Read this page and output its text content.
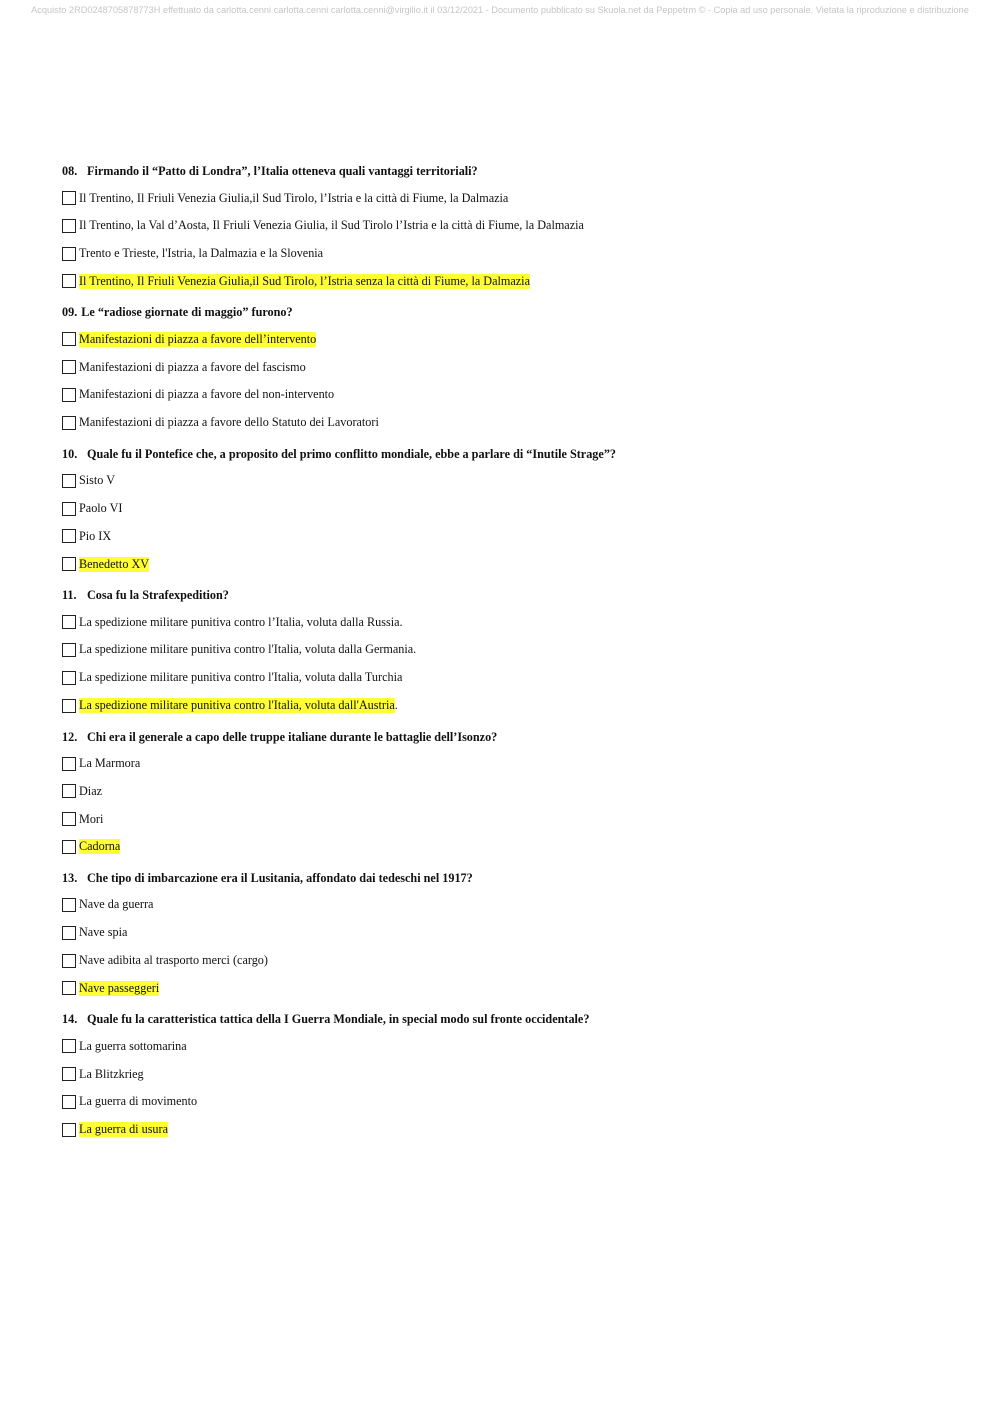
Acquisto 2RD0248705878773H effettuato da carlotta.cenni carlotta.cenni carlotta.cenni@virgilio.it il 03/12/2021 - Documento pubblicato su Skuola.net da Peppetrm © - Copia ad uso personale. Vietata la riproduzione e distribuzione
08. Firmando il “Patto di Londra”, l’Italia otteneva quali vantaggi territoriali?
Il Trentino, Il Friuli Venezia Giulia,il Sud Tirolo, l’Istria e la città di Fiume, la Dalmazia
Il Trentino, la Val d’Aosta, Il Friuli Venezia Giulia, il Sud Tirolo l’Istria e la città di Fiume, la Dalmazia
Trento e Trieste, l'Istria, la Dalmazia e la Slovenia
Il Trentino, Il Friuli Venezia Giulia,il Sud Tirolo, l’Istria senza la città di Fiume, la Dalmazia
09. Le “radiose giornate di maggio” furono?
Manifestazioni di piazza a favore dell’intervento
Manifestazioni di piazza a favore del fascismo
Manifestazioni di piazza a favore del non-intervento
Manifestazioni di piazza a favore dello Statuto dei Lavoratori
10. Quale fu il Pontefice che, a proposito del primo conflitto mondiale, ebbe a parlare di “Inutile Strage”?
Sisto V
Paolo VI
Pio IX
Benedetto XV
11. Cosa fu la Strafexpedition?
La spedizione militare punitiva contro l’Italia, voluta dalla Russia.
La spedizione militare punitiva contro l'Italia, voluta dalla Germania.
La spedizione militare punitiva contro l'Italia, voluta dalla Turchia
La spedizione militare punitiva contro l'Italia, voluta dall'Austria .
12. Chi era il generale a capo delle truppe italiane durante le battaglie dell’Isonzo?
La Marmora
Diaz
Mori
Cadorna
13. Che tipo di imbarcazione era il Lusitania, affondato dai tedeschi nel 1917?
Nave da guerra
Nave spia
Nave adibita al trasporto merci (cargo)
Nave passeggeri
14. Quale fu la caratteristica tattica della I Guerra Mondiale, in special modo sul fronte occidentale?
La guerra sottomarina
La Blitzkrieg
La guerra di movimento
La guerra di usura
